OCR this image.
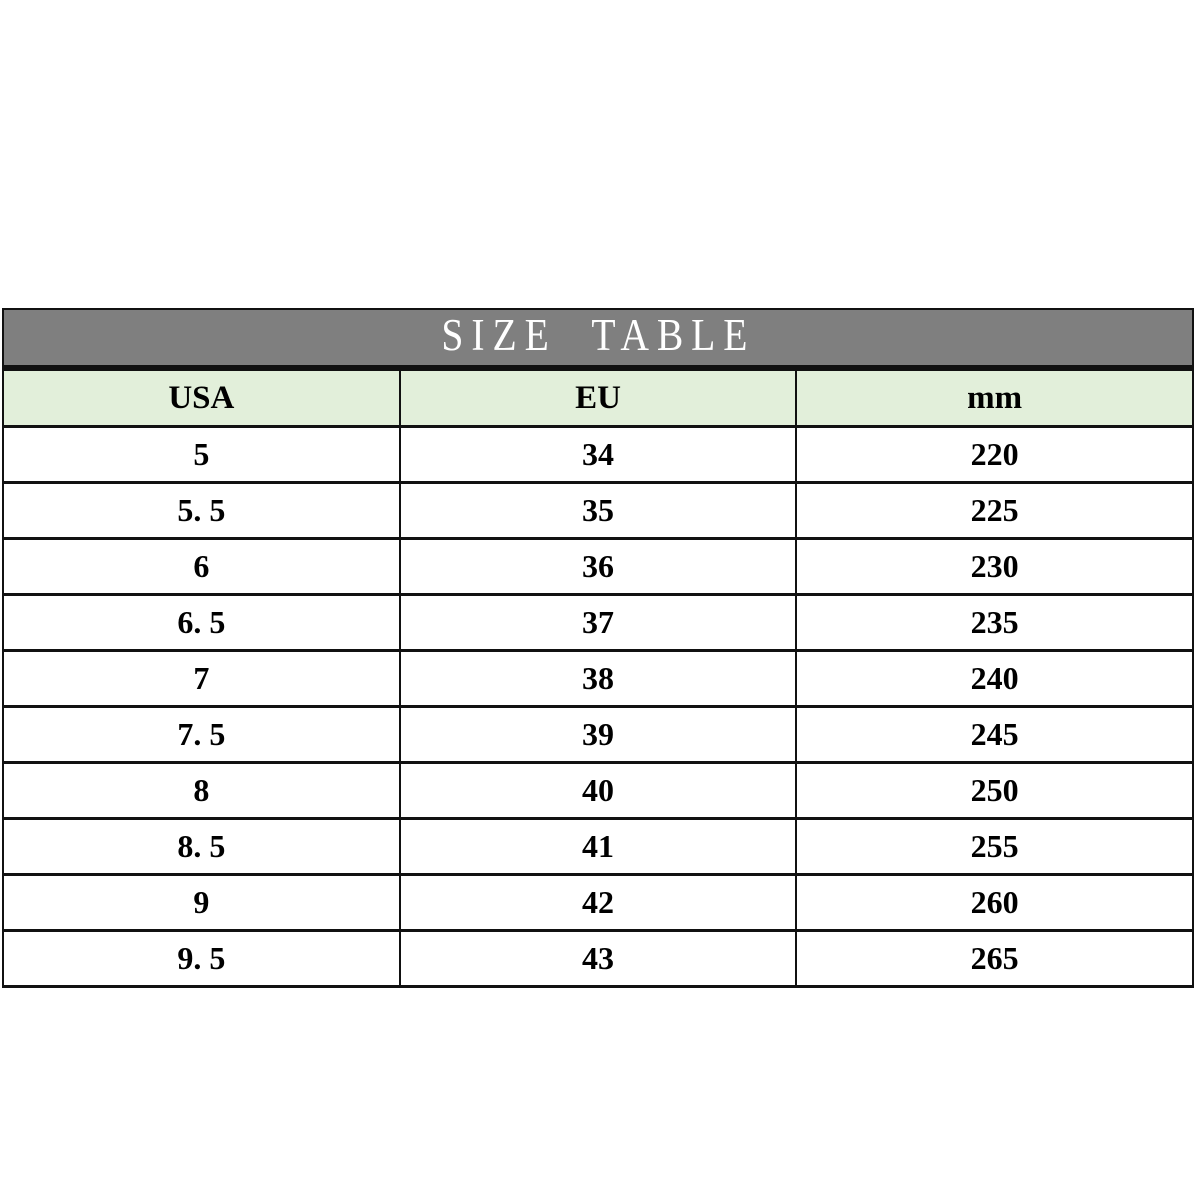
SIZE TABLE
USA	EU	mm
5	34	220
5. 5	35	225
6	36	230
6. 5	37	235
7	38	240
7. 5	39	245
8	40	250
8. 5	41	255
9	42	260
9. 5	43	265
